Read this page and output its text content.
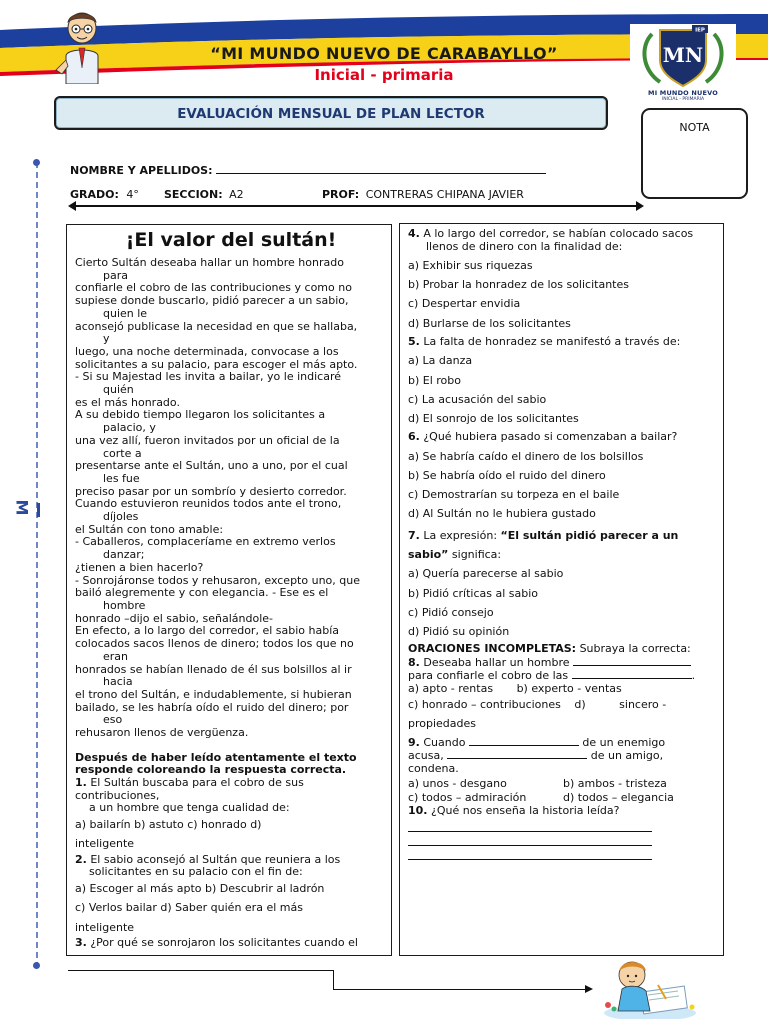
“MI MUNDO NUEVO DE CARABAYLLO”
Inicial - primaria
IEP
MN
MI MUNDO NUEVO
INICIAL - PRIMARIA
EVALUACIÓN MENSUAL DE PLAN LECTOR
NOTA
NOMBRE Y APELLIDOS:
GRADO: 4° SECCION: A2	PROF: CONTRERAS CHIPANA JAVIER
M
¡El valor del sultán!

Cierto Sultán deseaba hallar un hombre honrado
para

confiarle el cobro de las contribuciones y como no

supiese donde buscarlo, pidió parecer a un sabio,
quien le

aconsejó publicase la necesidad en que se hallaba,
y

luego, una noche determinada, convocase a los

solicitantes a su palacio, para escoger el más apto.

- Si su Majestad les invita a bailar, yo le indicaré
quién

es el más honrado.

A su debido tiempo llegaron los solicitantes a
palacio, y

una vez allí, fueron invitados por un oficial de la
corte a

presentarse ante el Sultán, uno a uno, por el cual
les fue

preciso pasar por un sombrío y desierto corredor.

Cuando estuvieron reunidos todos ante el trono,
díjoles

el Sultán con tono amable:

- Caballeros, complaceríame en extremo verlos
danzar;

¿tienen a bien hacerlo?

- Sonrojáronse todos y rehusaron, excepto uno, que

bailó alegremente y con elegancia. - Ese es el
hombre

honrado –dijo el sabio, señalándole-

En efecto, a lo largo del corredor, el sabio había

colocados sacos llenos de dinero; todos los que no
eran

honrados se habían llenado de él sus bolsillos al ir
hacia

el trono del Sultán, e indudablemente, si hubieran

bailado, se les habría oído el ruido del dinero; por
eso

rehusaron llenos de vergüenza.

Después de haber leído atentamente el texto responde coloreando la respuesta correcta.
1. El Sultán buscaba para el cobro de sus contribuciones,
a un hombre que tenga cualidad de:
a) bailarín b) astuto c) honrado d)
inteligente
2. El sabio aconsejó al Sultán que reuniera a los
solicitantes en su palacio con el fin de:
a) Escoger al más apto b) Descubrir al ladrón
c) Verlos bailar d) Saber quién era el más
inteligente
3. ¿Por qué se sonrojaron los solicitantes cuando el
4. A lo largo del corredor, se habían colocado sacos
llenos de dinero con la finalidad de:
a) Exhibir sus riquezas
b) Probar la honradez de los solicitantes
c) Despertar envidia
d) Burlarse de los solicitantes
5. La falta de honradez se manifestó a través de:
a) La danza
b) El robo
c) La acusación del sabio
d) El sonrojo de los solicitantes
6. ¿Qué hubiera pasado si comenzaban a bailar?
a) Se habría caído el dinero de los bolsillos
b) Se habría oído el ruido del dinero
c) Demostrarían su torpeza en el baile
d) Al Sultán no le hubiera gustado
7. La expresión: “El sultán pidió parecer a un
sabio” significa:
a) Quería parecerse al sabio
b) Pidió críticas al sabio
c) Pidió consejo
d) Pidió su opinión
ORACIONES INCOMPLETAS: Subraya la correcta:
8. Deseaba hallar un hombre
para confiarle el cobro de las	.
a) apto - rentas b) experto - ventas
c) honrado – contribuciones d)	sincero -
propiedades
9. Cuando	de un enemigo
acusa,	de un amigo,
condena.
a) unos - desgano	b) ambos - tristeza
c) todos – admiración	d) todos – elegancia
10. ¿Qué nos enseña la historia leída?
